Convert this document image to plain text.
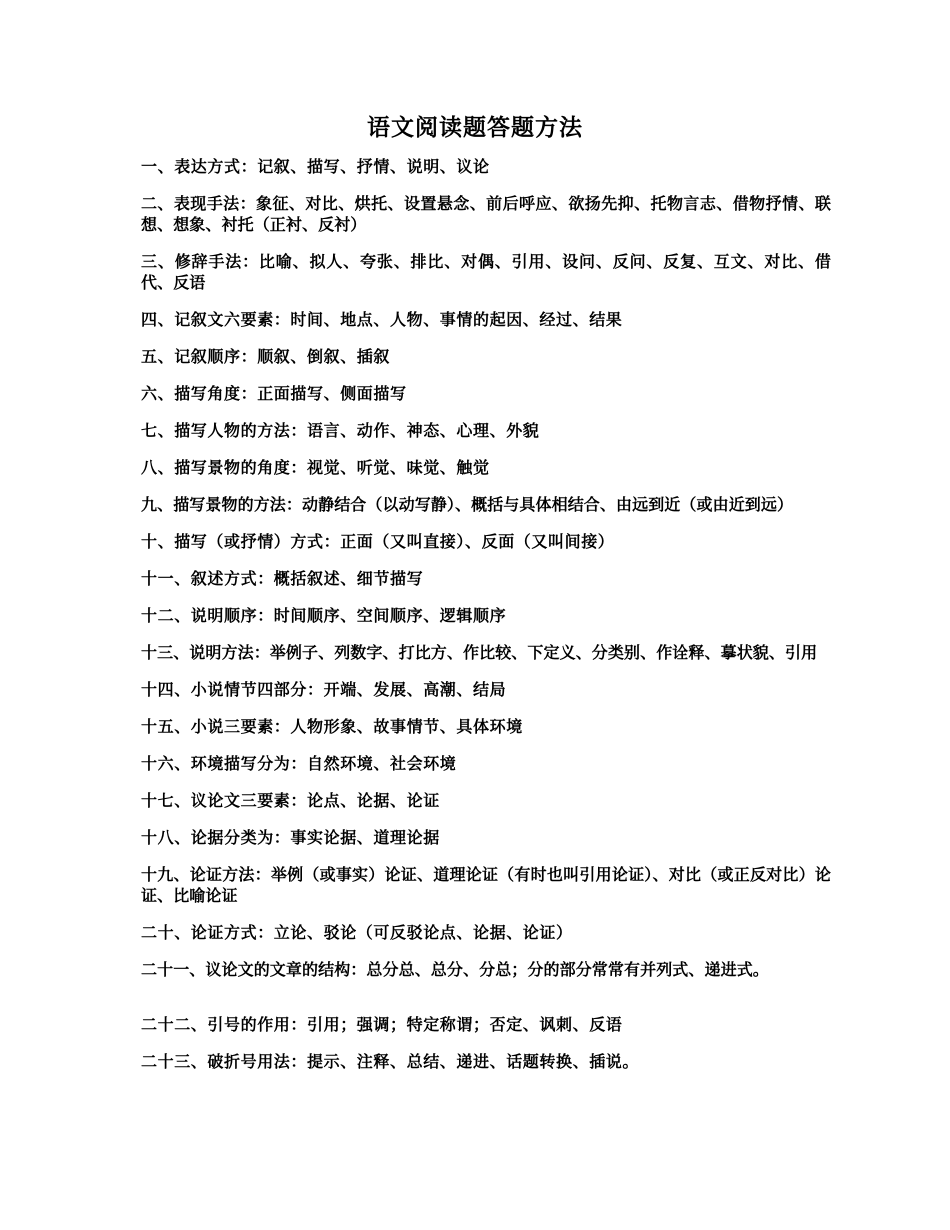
语文阅读题答题方法

一、表达方式：记叙、描写、抒情、说明、议论

二、表现手法：象征、对比、烘托、设置悬念、前后呼应、欲扬先抑、托物言志、借物抒情、联想、想象、衬托（正衬、反衬）

三、修辞手法：比喻、拟人、夸张、排比、对偶、引用、设问、反问、反复、互文、对比、借代、反语

四、记叙文六要素：时间、地点、人物、事情的起因、经过、结果

五、记叙顺序：顺叙、倒叙、插叙

六、描写角度：正面描写、侧面描写

七、描写人物的方法：语言、动作、神态、心理、外貌

八、描写景物的角度：视觉、听觉、味觉、触觉

九、描写景物的方法：动静结合（以动写静）、概括与具体相结合、由远到近（或由近到远）

十、描写（或抒情）方式：正面（又叫直接）、反面（又叫间接）

十一、叙述方式：概括叙述、细节描写

十二、说明顺序：时间顺序、空间顺序、逻辑顺序

十三、说明方法：举例子、列数字、打比方、作比较、下定义、分类别、作诠释、摹状貌、引用

十四、小说情节四部分：开端、发展、高潮、结局

十五、小说三要素：人物形象、故事情节、具体环境

十六、环境描写分为：自然环境、社会环境

十七、议论文三要素：论点、论据、论证

十八、论据分类为：事实论据、道理论据

十九、论证方法：举例（或事实）论证、道理论证（有时也叫引用论证）、对比（或正反对比）论证、比喻论证

二十、论证方式：立论、驳论（可反驳论点、论据、论证）

二十一、议论文的文章的结构：总分总、总分、分总；分的部分常常有并列式、递进式。

二十二、引号的作用：引用；强调；特定称谓；否定、讽刺、反语

二十三、破折号用法：提示、注释、总结、递进、话题转换、插说。
